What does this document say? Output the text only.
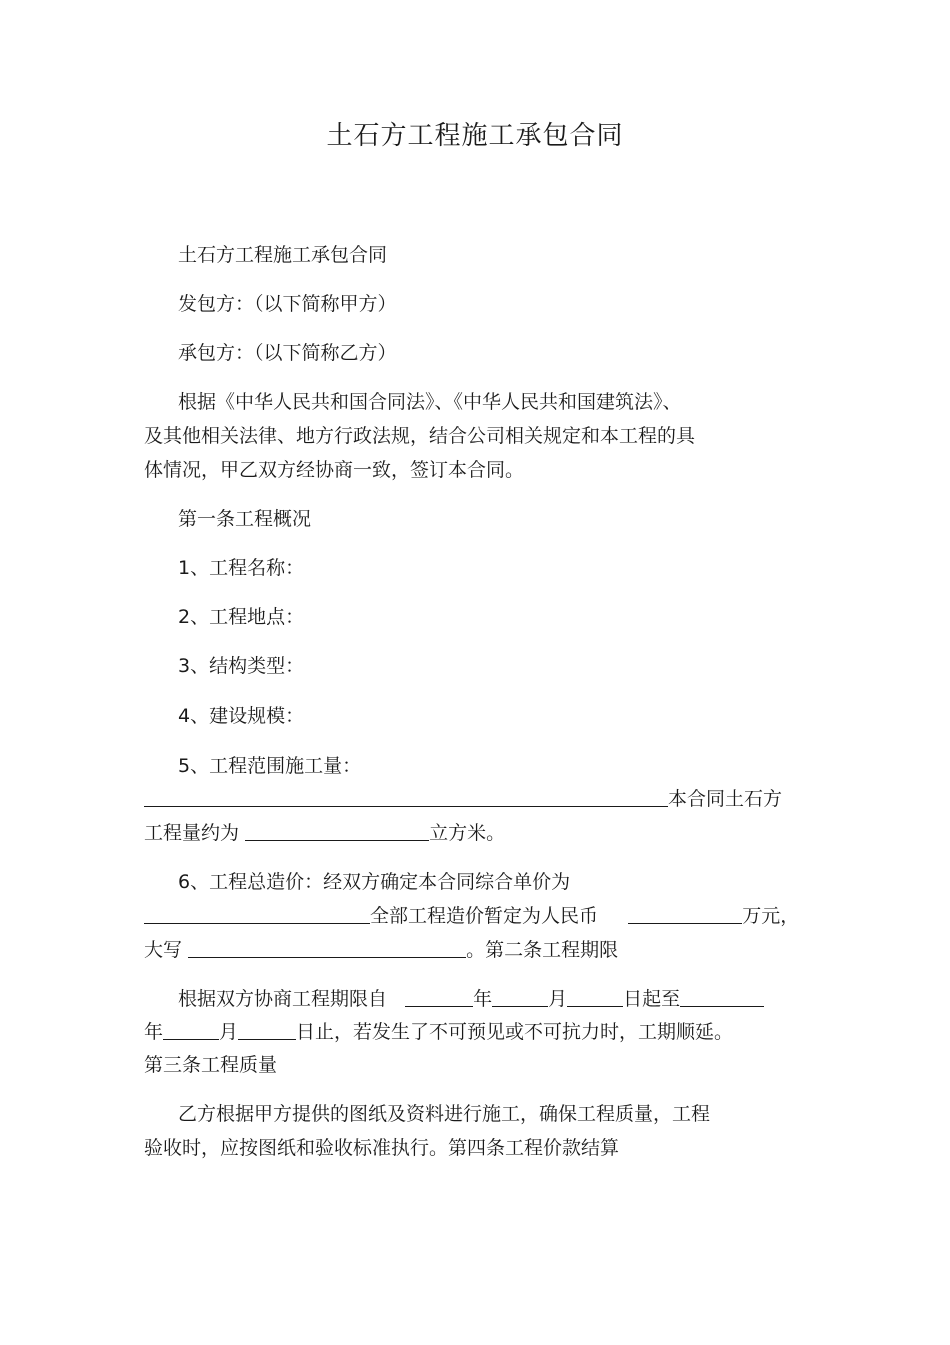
土石方工程施工承包合同
土石方工程施工承包合同
发包方：（以下简称甲方）
承包方：（以下简称乙方）
根据《中华人民共和国合同法》、《中华人民共和国建筑法》、
及其他相关法律、地方行政法规，结合公司相关规定和本工程的具
体情况，甲乙双方经协商一致，签订本合同。
第一条工程概况
1、工程名称：
2、工程地点：
3、结构类型：
4、建设规模：
5、工程范围施工量：
本合同土石方
工程量约为	立方米。
6、工程总造价：经双方确定本合同综合单价为
全部工程造价暂定为人民币	万元，
大写	。第二条工程期限
根据双方协商工程期限自	年	月	日起至
年	月	日止，若发生了不可预见或不可抗力时，工期顺延。
第三条工程质量
乙方根据甲方提供的图纸及资料进行施工，确保工程质量，工程
验收时，应按图纸和验收标准执行。第四条工程价款结算
